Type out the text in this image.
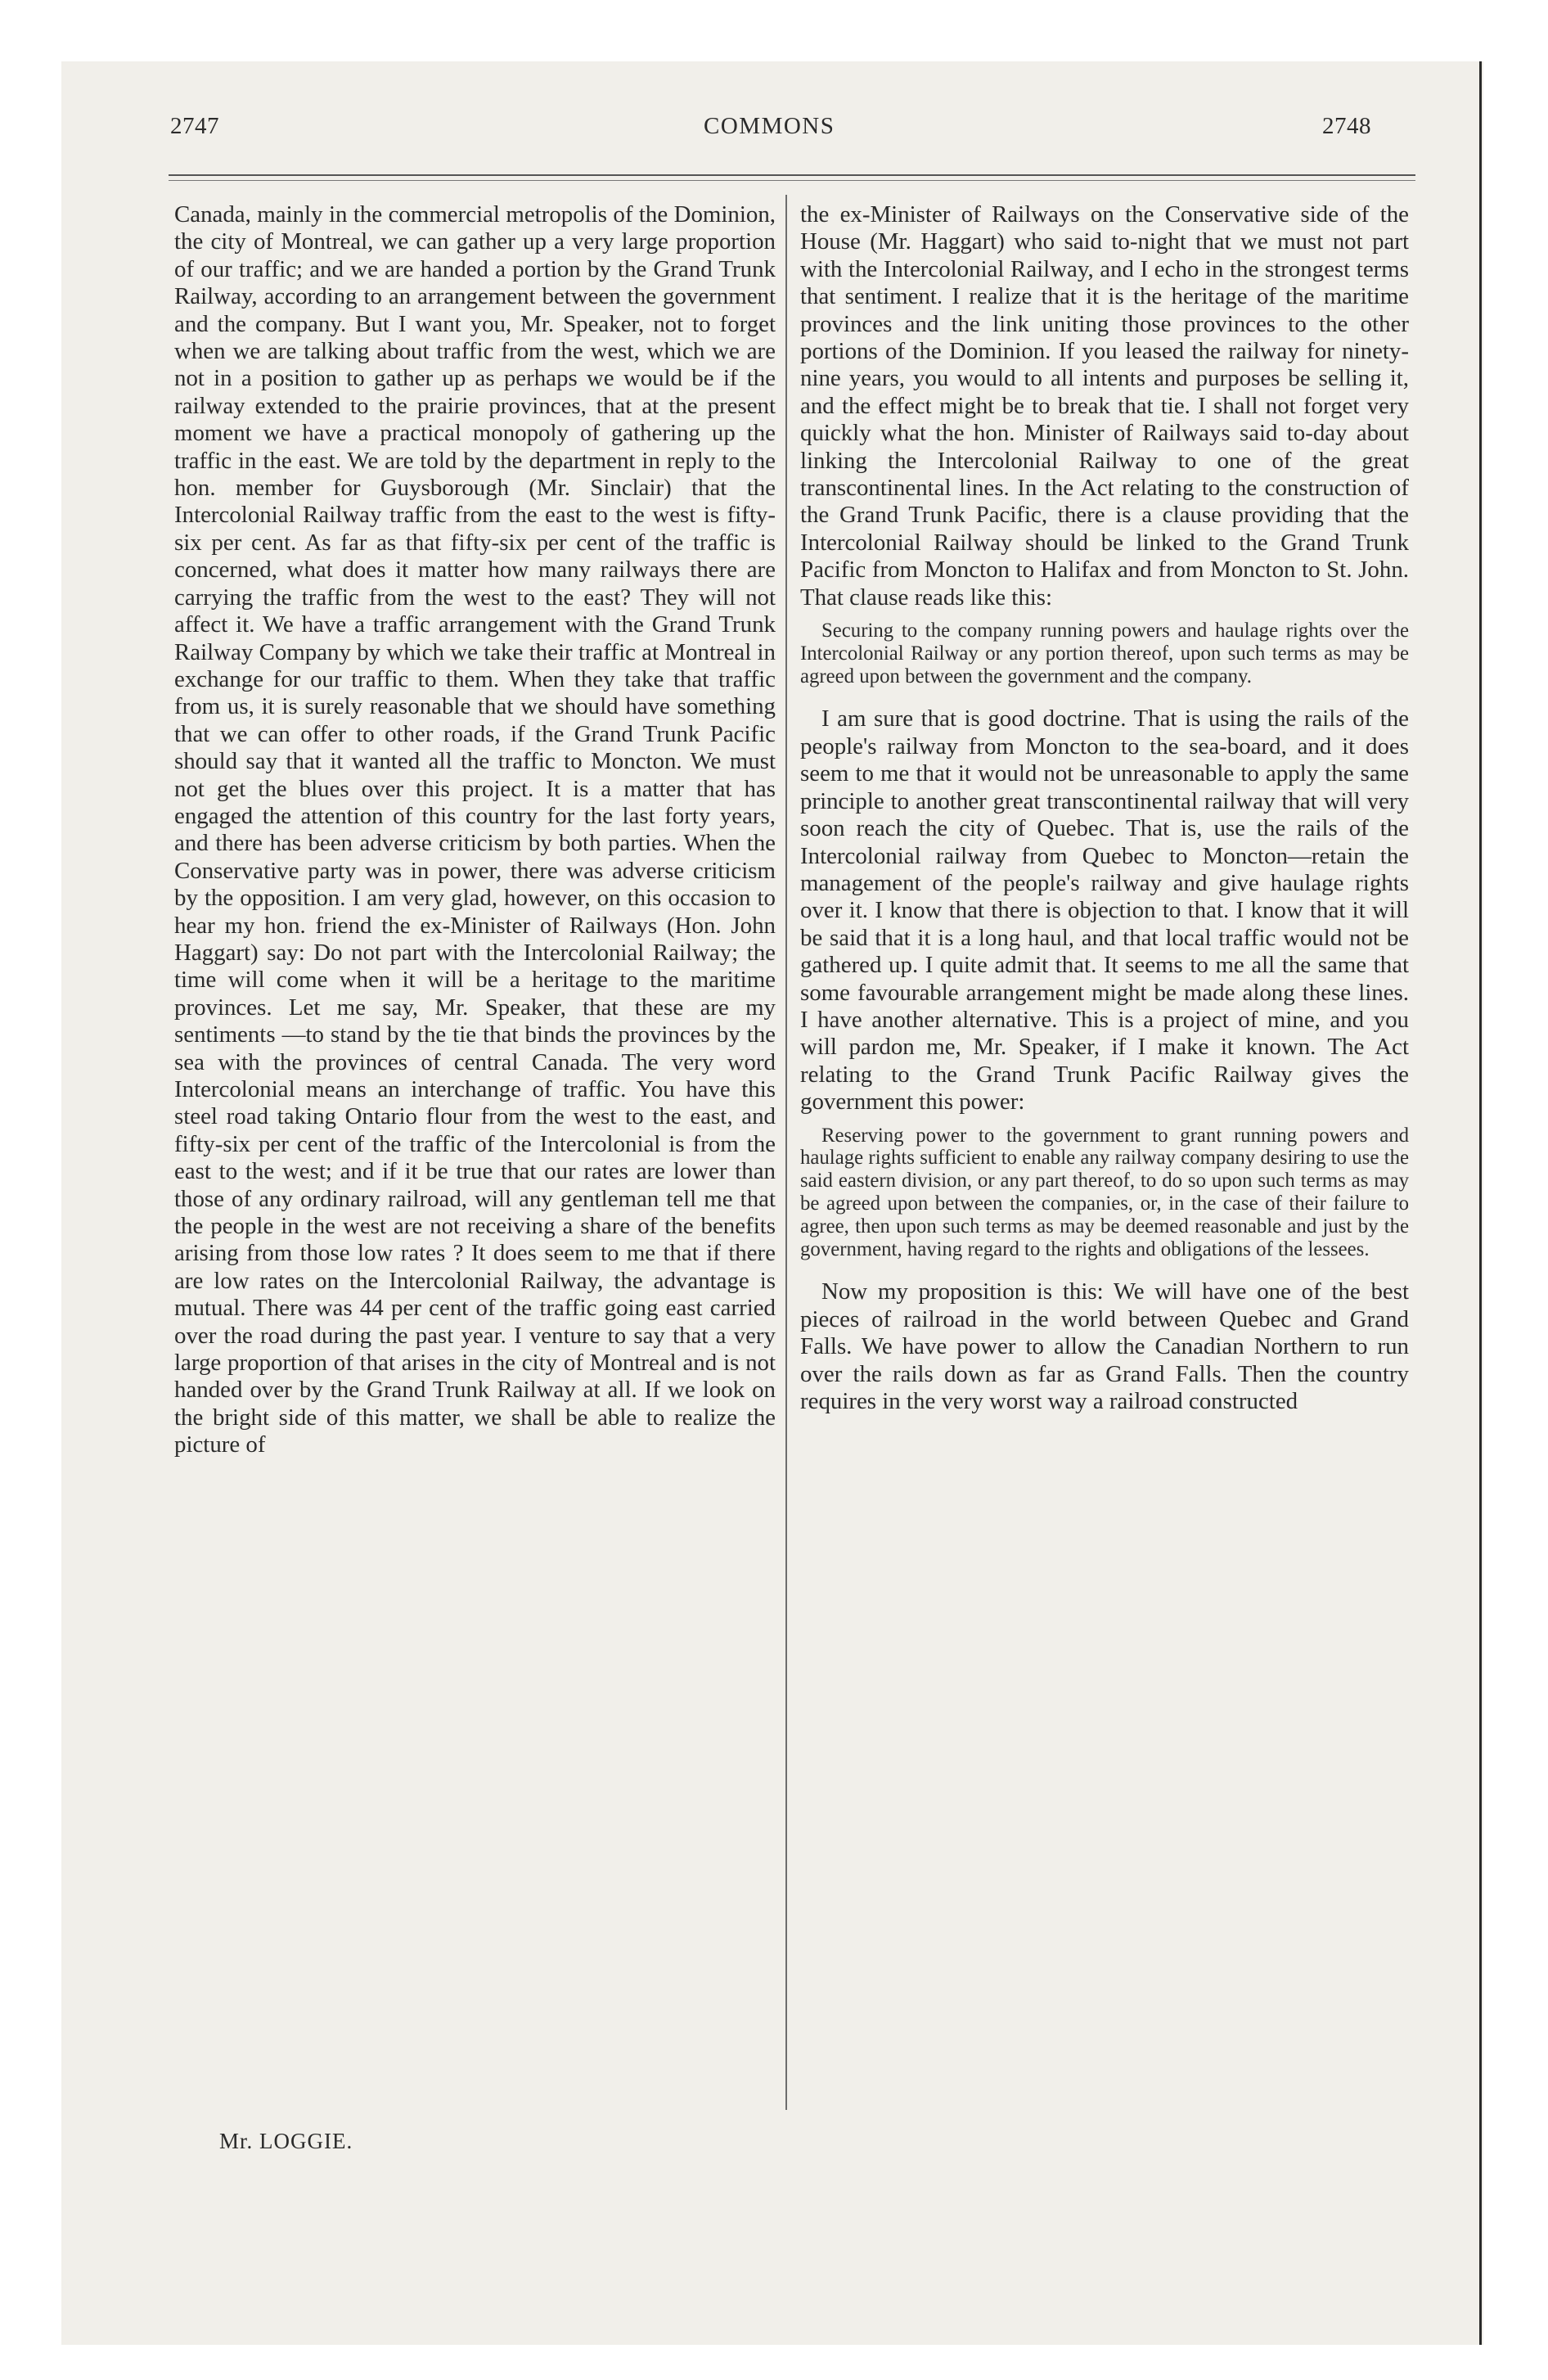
2747	COMMONS	2748

Canada, mainly in the commercial metropolis of the Dominion, the city of Montreal, we can gather up a very large proportion of our traffic; and we are handed a portion by the Grand Trunk Railway, according to an arrangement between the government and the company. But I want you, Mr. Speaker, not to forget when we are talking about traffic from the west, which we are not in a position to gather up as perhaps we would be if the railway extended to the prairie provinces, that at the present moment we have a practical monopoly of gathering up the traffic in the east. We are told by the department in reply to the hon. member for Guysborough (Mr. Sinclair) that the Intercolonial Railway traffic from the east to the west is fifty-six per cent. As far as that fifty-six per cent of the traffic is concerned, what does it matter how many railways there are carrying the traffic from the west to the east? They will not affect it. We have a traffic arrangement with the Grand Trunk Railway Company by which we take their traffic at Montreal in exchange for our traffic to them. When they take that traffic from us, it is surely reasonable that we should have something that we can offer to other roads, if the Grand Trunk Pacific should say that it wanted all the traffic to Moncton. We must not get the blues over this project. It is a matter that has engaged the attention of this country for the last forty years, and there has been adverse criticism by both parties. When the Conservative party was in power, there was adverse criticism by the opposition. I am very glad, however, on this occasion to hear my hon. friend the ex-Minister of Railways (Hon. John Haggart) say: Do not part with the Intercolonial Railway; the time will come when it will be a heritage to the maritime provinces. Let me say, Mr. Speaker, that these are my sentiments —to stand by the tie that binds the provinces by the sea with the provinces of central Canada. The very word Intercolonial means an interchange of traffic. You have this steel road taking Ontario flour from the west to the east, and fifty-six per cent of the traffic of the Intercolonial is from the east to the west; and if it be true that our rates are lower than those of any ordinary railroad, will any gentleman tell me that the people in the west are not receiving a share of the benefits arising from those low rates ? It does seem to me that if there are low rates on the Intercolonial Railway, the advantage is mutual. There was 44 per cent of the traffic going east carried over the road during the past year. I venture to say that a very large proportion of that arises in the city of Montreal and is not handed over by the Grand Trunk Railway at all. If we look on the bright side of this matter, we shall be able to realize the picture of

Mr. LOGGIE.

the ex-Minister of Railways on the Conservative side of the House (Mr. Haggart) who said to-night that we must not part with the Intercolonial Railway, and I echo in the strongest terms that sentiment. I realize that it is the heritage of the maritime provinces and the link uniting those provinces to the other portions of the Dominion. If you leased the railway for ninety-nine years, you would to all intents and purposes be selling it, and the effect might be to break that tie. I shall not forget very quickly what the hon. Minister of Railways said to-day about linking the Intercolonial Railway to one of the great transcontinental lines. In the Act relating to the construction of the Grand Trunk Pacific, there is a clause providing that the Intercolonial Railway should be linked to the Grand Trunk Pacific from Moncton to Halifax and from Moncton to St. John. That clause reads like this:

Securing to the company running powers and haulage rights over the Intercolonial Railway or any portion thereof, upon such terms as may be agreed upon between the government and the company.

I am sure that is good doctrine. That is using the rails of the people's railway from Moncton to the sea-board, and it does seem to me that it would not be unreasonable to apply the same principle to another great transcontinental railway that will very soon reach the city of Quebec. That is, use the rails of the Intercolonial railway from Quebec to Moncton—retain the management of the people's railway and give haulage rights over it. I know that there is objection to that. I know that it will be said that it is a long haul, and that local traffic would not be gathered up. I quite admit that. It seems to me all the same that some favourable arrangement might be made along these lines. I have another alternative. This is a project of mine, and you will pardon me, Mr. Speaker, if I make it known. The Act relating to the Grand Trunk Pacific Railway gives the government this power:

Reserving power to the government to grant running powers and haulage rights sufficient to enable any railway company desiring to use the said eastern division, or any part thereof, to do so upon such terms as may be agreed upon between the companies, or, in the case of their failure to agree, then upon such terms as may be deemed reasonable and just by the government, having regard to the rights and obligations of the lessees.

Now my proposition is this: We will have one of the best pieces of railroad in the world between Quebec and Grand Falls. We have power to allow the Canadian Northern to run over the rails down as far as Grand Falls. Then the country requires in the very worst way a railroad constructed
